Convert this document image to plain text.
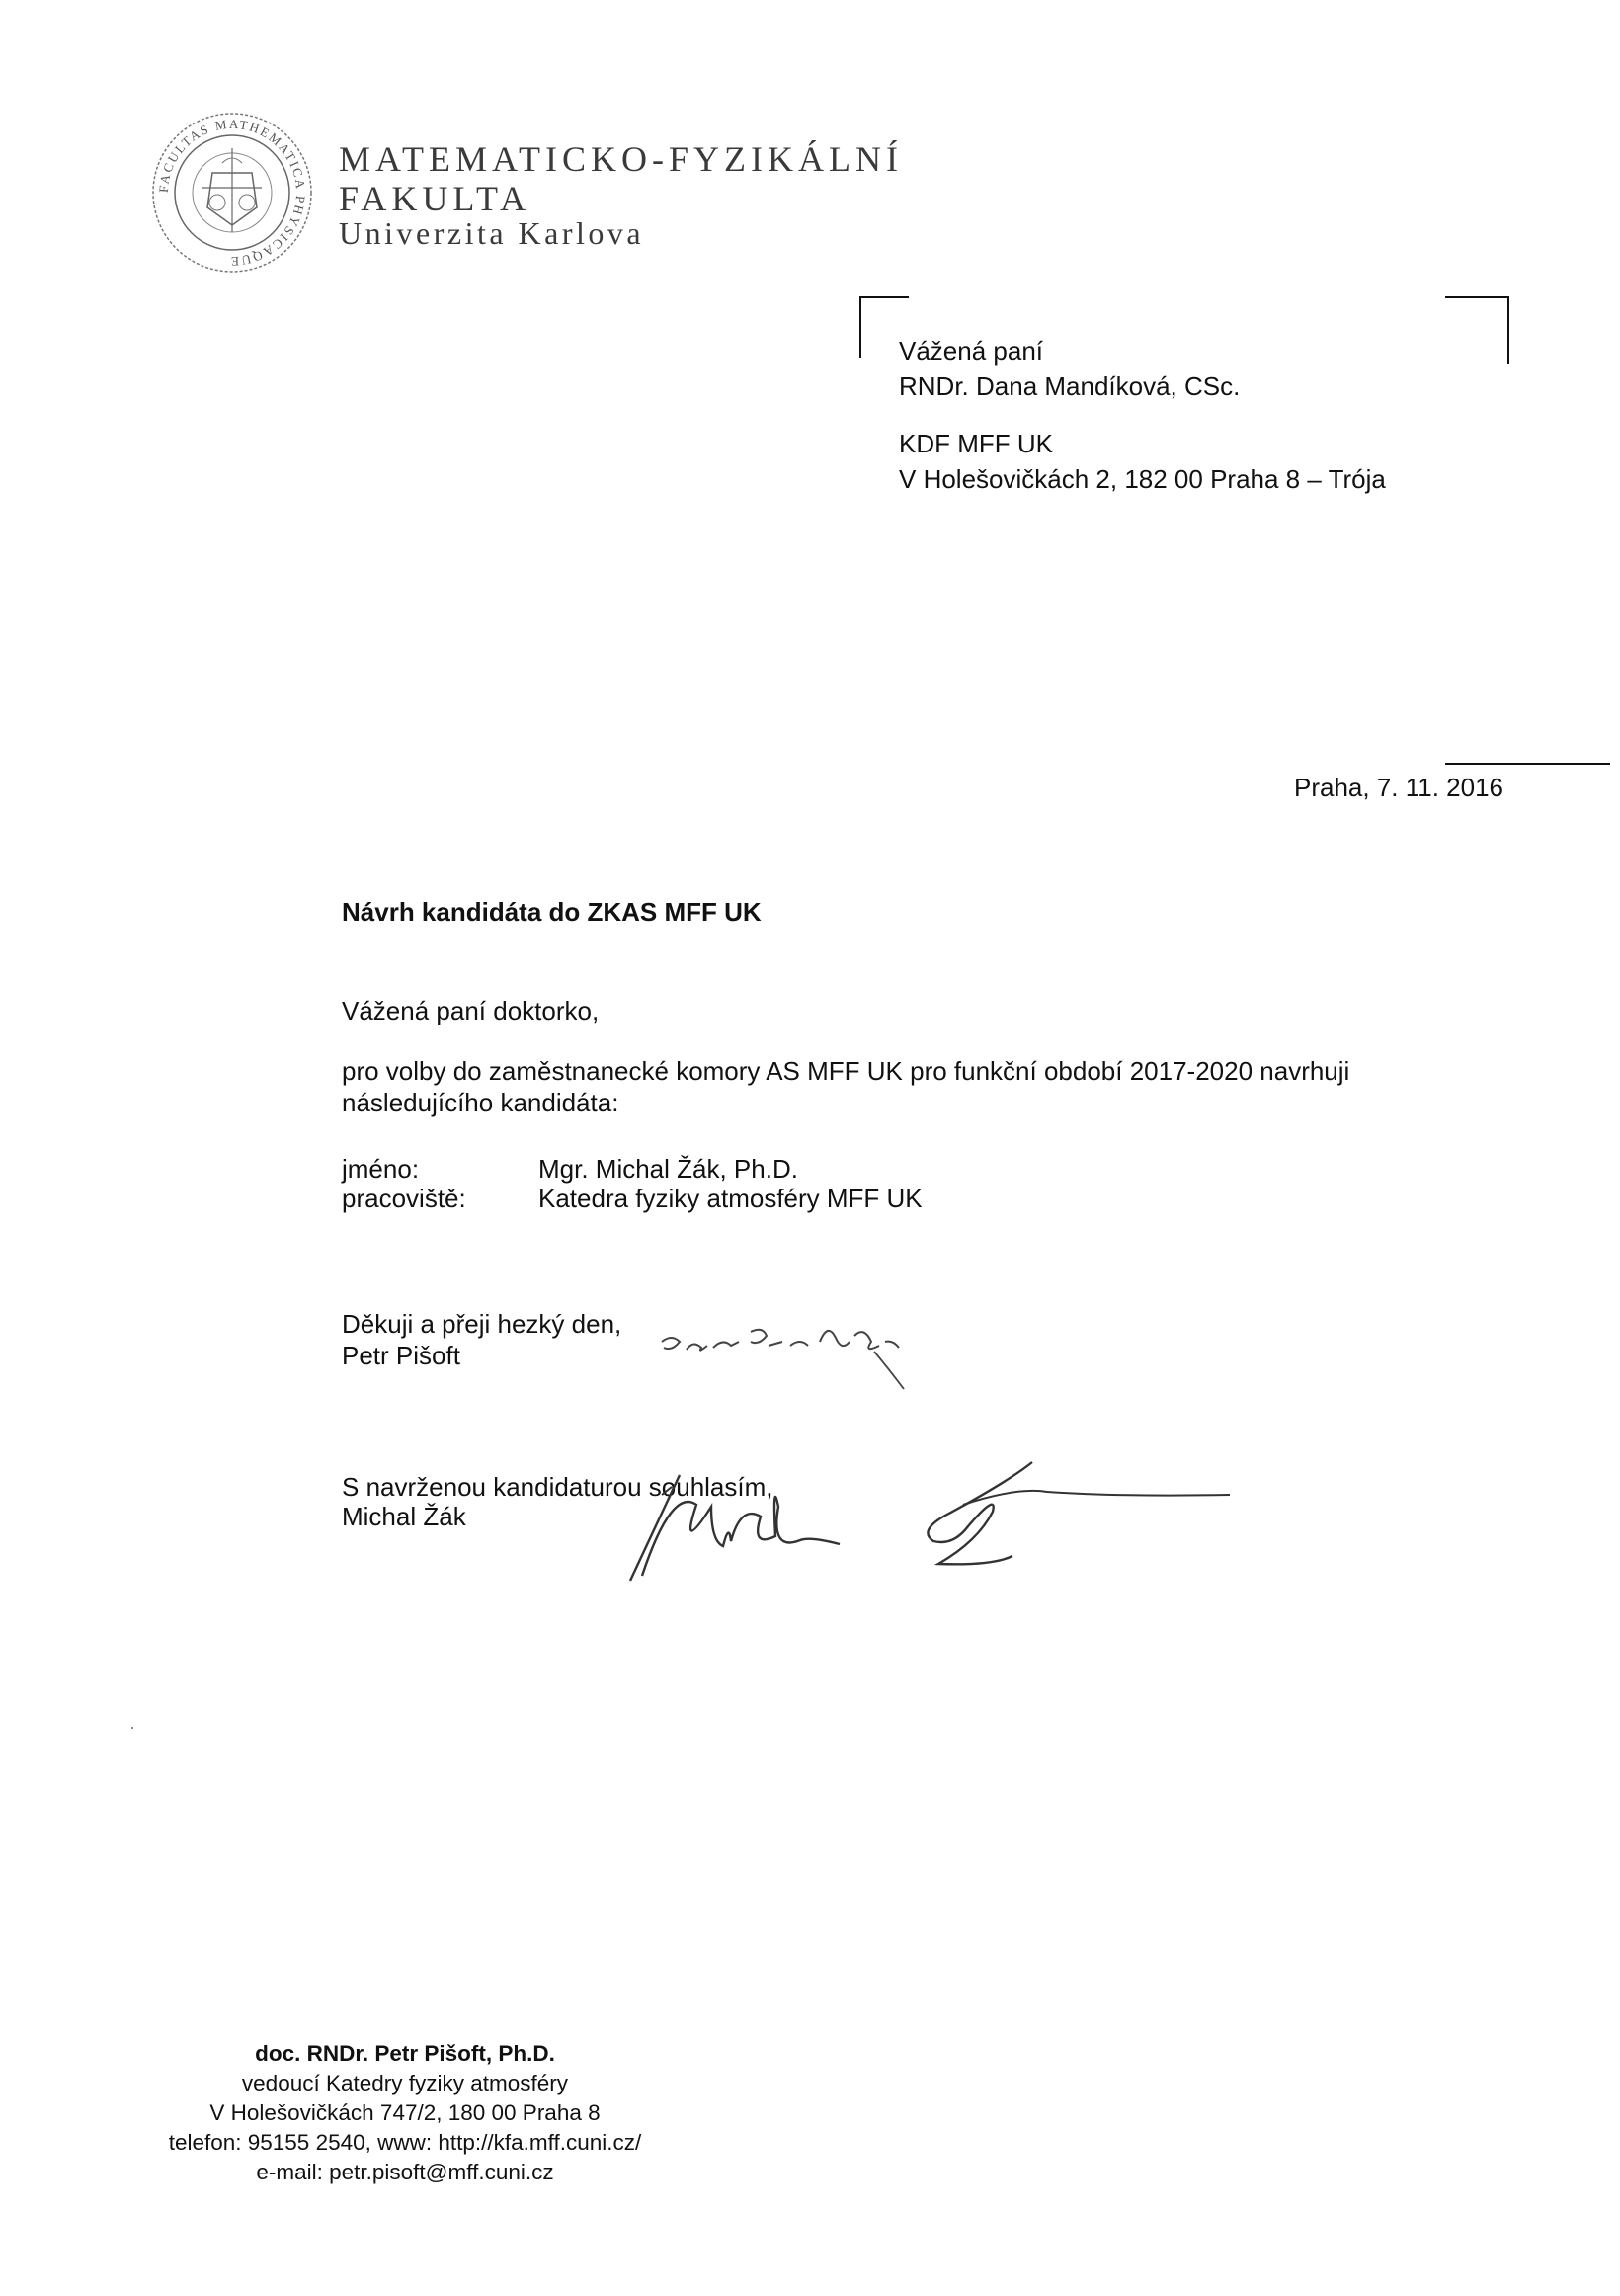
FACULTAS MATHEMATICA PHYSICAQUE
MATEMATICKO-FYZIKÁLNÍ
FAKULTA
Univerzita Karlova
Vážená paní
RNDr. Dana Mandíková, CSc.
KDF MFF UK
V Holešovičkách 2, 182 00 Praha 8 – Trója
Praha, 7. 11. 2016
Návrh kandidáta do ZKAS MFF UK
Vážená paní doktorko,
pro volby do zaměstnanecké komory AS MFF UK pro funkční období 2017-2020 navrhuji následujícího kandidáta:
jméno:	Mgr. Michal Žák, Ph.D.
pracoviště:	Katedra fyziky atmosféry MFF UK
Děkuji a přeji hezký den,
Petr Pišoft
S navrženou kandidaturou souhlasím,
Michal Žák
doc. RNDr. Petr Pišoft, Ph.D.
vedoucí Katedry fyziky atmosféry
V Holešovičkách 747/2, 180 00 Praha 8
telefon: 95155 2540, www: http://kfa.mff.cuni.cz/
e-mail: petr.pisoft@mff.cuni.cz
